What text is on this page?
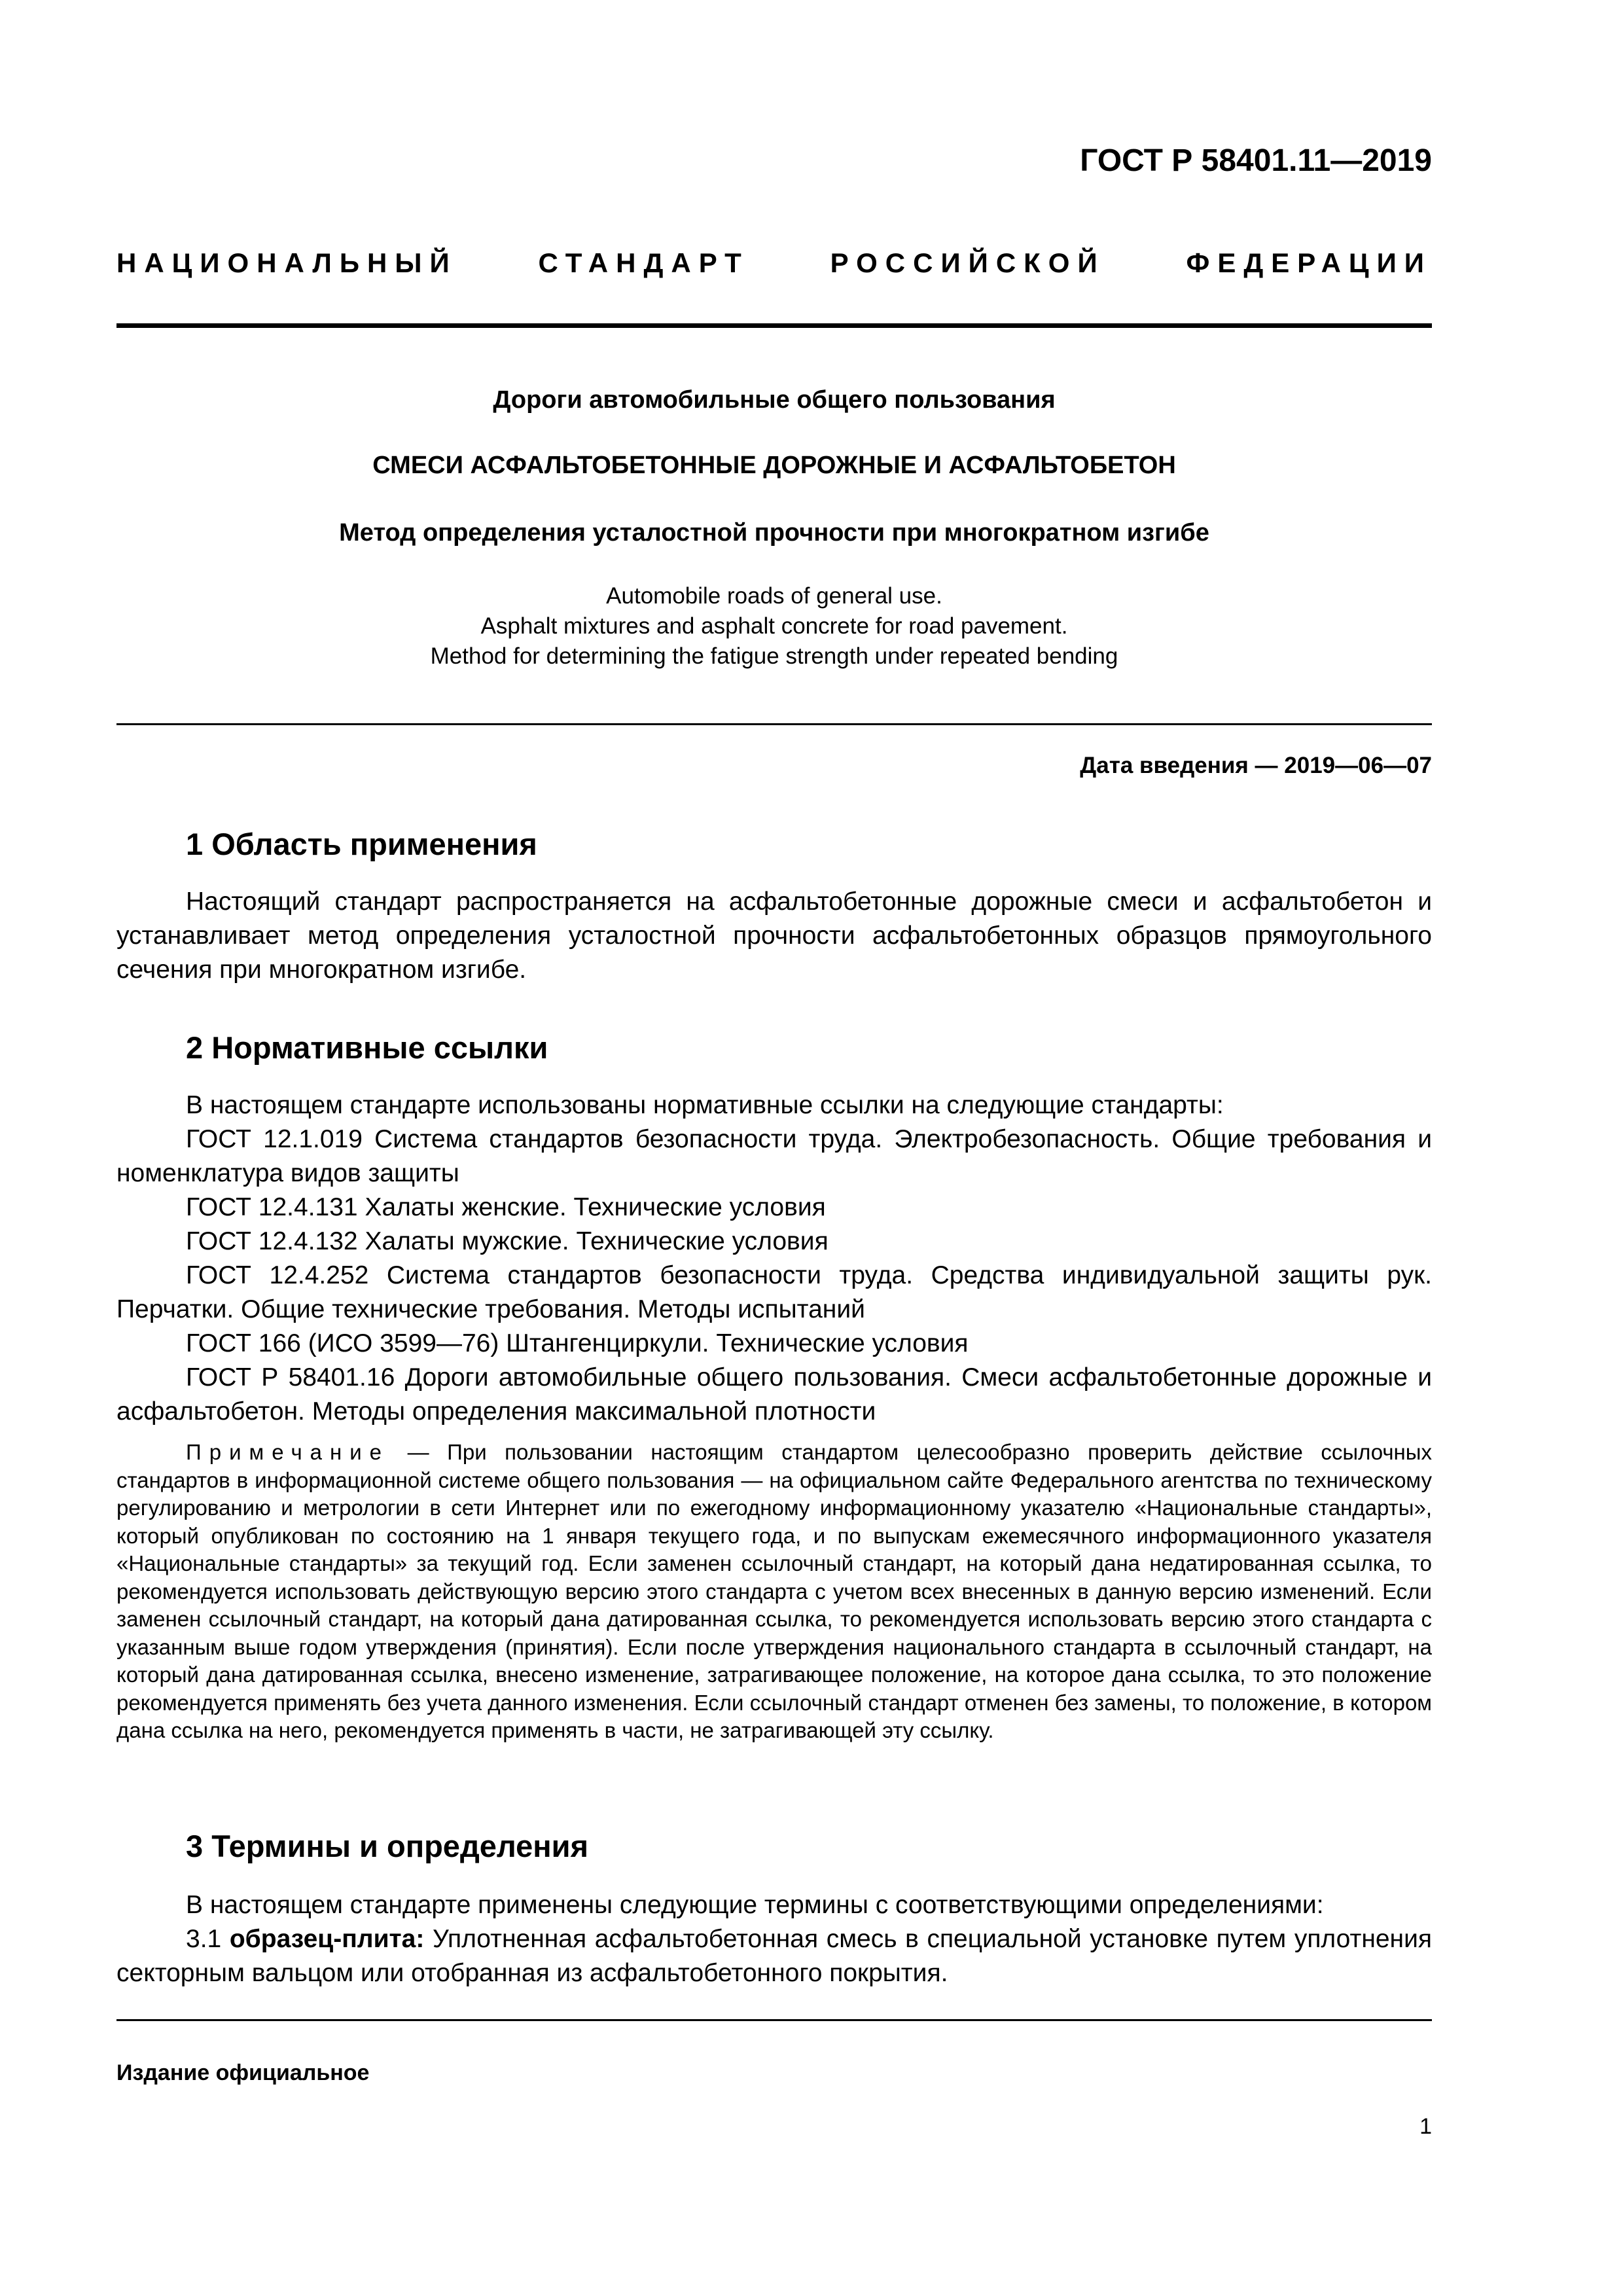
ГОСТ Р 58401.11—2019
НАЦИОНАЛЬНЫЙ	СТАНДАРТ	РОССИЙСКОЙ	ФЕДЕРАЦИИ
Дороги автомобильные общего пользования
СМЕСИ АСФАЛЬТОБЕТОННЫЕ ДОРОЖНЫЕ И АСФАЛЬТОБЕТОН
Метод определения усталостной прочности при многократном изгибе
Automobile roads of general use.
Asphalt mixtures and asphalt concrete for road pavement.
Method for determining the fatigue strength under repeated bending
Дата введения — 2019—06—07
1 Область применения

Настоящий стандарт распространяется на асфальтобетонные дорожные смеси и асфальтобетон и устанавливает метод определения усталостной прочности асфальтобетонных образцов прямоугольного сечения при многократном изгибе.

2 Нормативные ссылки

В настоящем стандарте использованы нормативные ссылки на следующие стандарты:

ГОСТ 12.1.019 Система стандартов безопасности труда. Электробезопасность. Общие требования и номенклатура видов защиты

ГОСТ 12.4.131 Халаты женские. Технические условия

ГОСТ 12.4.132 Халаты мужские. Технические условия

ГОСТ 12.4.252 Система стандартов безопасности труда. Средства индивидуальной защиты рук. Перчатки. Общие технические требования. Методы испытаний

ГОСТ 166 (ИСО 3599—76) Штангенциркули. Технические условия

ГОСТ Р 58401.16 Дороги автомобильные общего пользования. Смеси асфальтобетонные дорожные и асфальтобетон. Методы определения максимальной плотности

Примечание — При пользовании настоящим стандартом целесообразно проверить действие ссылочных стандартов в информационной системе общего пользования — на официальном сайте Федерального агентства по техническому регулированию и метрологии в сети Интернет или по ежегодному информационному указателю «Национальные стандарты», который опубликован по состоянию на 1 января текущего года, и по выпускам ежемесячного информационного указателя «Национальные стандарты» за текущий год. Если заменен ссылочный стандарт, на который дана недатированная ссылка, то рекомендуется использовать действующую версию этого стандарта с учетом всех внесенных в данную версию изменений. Если заменен ссылочный стандарт, на который дана датированная ссылка, то рекомендуется использовать версию этого стандарта с указанным выше годом утверждения (принятия). Если после утверждения национального стандарта в ссылочный стандарт, на который дана датированная ссылка, внесено изменение, затрагивающее положение, на которое дана ссылка, то это положение рекомендуется применять без учета данного изменения. Если ссылочный стандарт отменен без замены, то положение, в котором дана ссылка на него, рекомендуется применять в части, не затрагивающей эту ссылку.

3 Термины и определения

В настоящем стандарте применены следующие термины с соответствующими определениями:

3.1 образец-плита: Уплотненная асфальтобетонная смесь в специальной установке путем уплотнения секторным вальцом или отобранная из асфальтобетонного покрытия.

Издание официальное
1
